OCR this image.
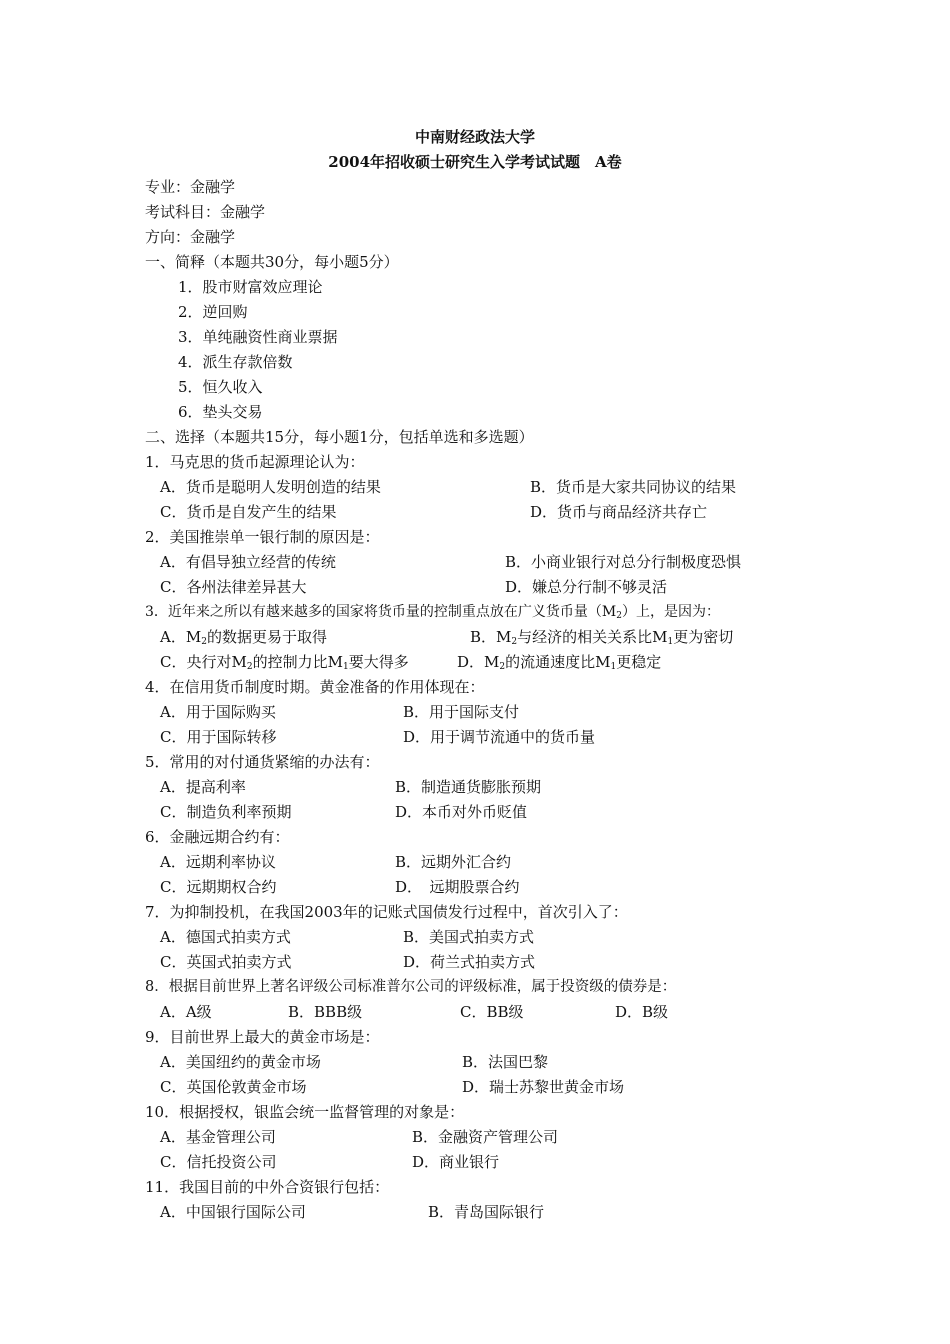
中南财经政法大学
2004年招收硕士研究生入学考试试题　A卷
专业：金融学
考试科目：金融学
方向：金融学
一、简释（本题共30分，每小题5分）
1．股市财富效应理论
2．逆回购
3．单纯融资性商业票据
4．派生存款倍数
5．恒久收入
6．垫头交易
二、选择（本题共15分，每小题1分，包括单选和多选题）
1．马克思的货币起源理论认为：
A．货币是聪明人发明创造的结果	B．货币是大家共同协议的结果
C．货币是自发产生的结果	D．货币与商品经济共存亡
2．美国推崇单一银行制的原因是：
A．有倡导独立经营的传统	B．小商业银行对总分行制极度恐惧
C．各州法律差异甚大	D．嫌总分行制不够灵活
3．近年来之所以有越来越多的国家将货币量的控制重点放在广义货币量$(M_2)$上，是因为：
A．$M_2$的数据更易于取得	B．$M_2$与经济的相关关系比$M_1$更为密切
C．央行对$M_2$的控制力比$M_1$要大得多	D．$M_2$的流通速度比$M_1$更稳定
4．在信用货币制度时期。黄金准备的作用体现在：
A．用于国际购买	B．用于国际支付
C．用于国际转移	D．用于调节流通中的货币量
5．常用的对付通货紧缩的办法有：
A．提高利率	B．制造通货膨胀预期
C．制造负利率预期	D．本币对外币贬值
6．金融远期合约有：
A．远期利率协议	B．远期外汇合约
C．远期期权合约	D．　远期股票合约
7．为抑制投机，在我国2003年的记账式国债发行过程中，首次引入了：
A．德国式拍卖方式	B．美国式拍卖方式
C．英国式拍卖方式	D．荷兰式拍卖方式
8．根据目前世界上著名评级公司标准普尔公司的评级标准，属于投资级的债券是：
A．A级	B．BBB级	C．BB级	D．B级
9．目前世界上最大的黄金市场是：
A．美国纽约的黄金市场	B．法国巴黎
C．英国伦敦黄金市场	D．瑞士苏黎世黄金市场
10．根据授权，银监会统一监督管理的对象是：
A．基金管理公司	B．金融资产管理公司
C．信托投资公司	D．商业银行
11．我国目前的中外合资银行包括：
A．中国银行国际公司	B．青岛国际银行
